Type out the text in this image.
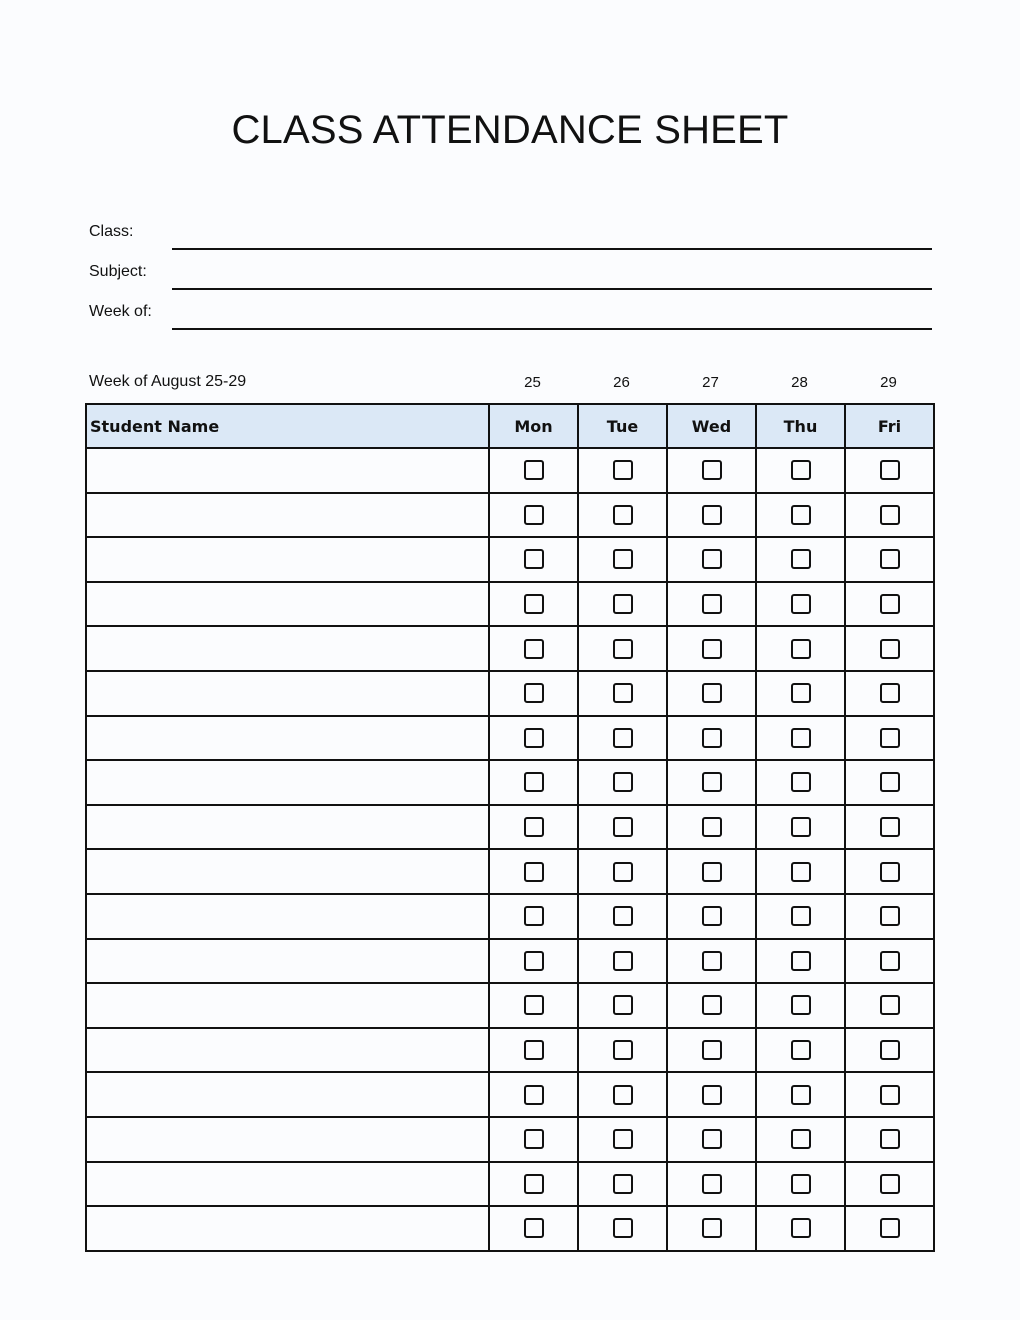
CLASS ATTENDANCE SHEET
Class:
Subject:
Week of:
Week of August 25-29	25	26	27	28	29
Student Name	Mon	Tue	Wed	Thu	Fri
